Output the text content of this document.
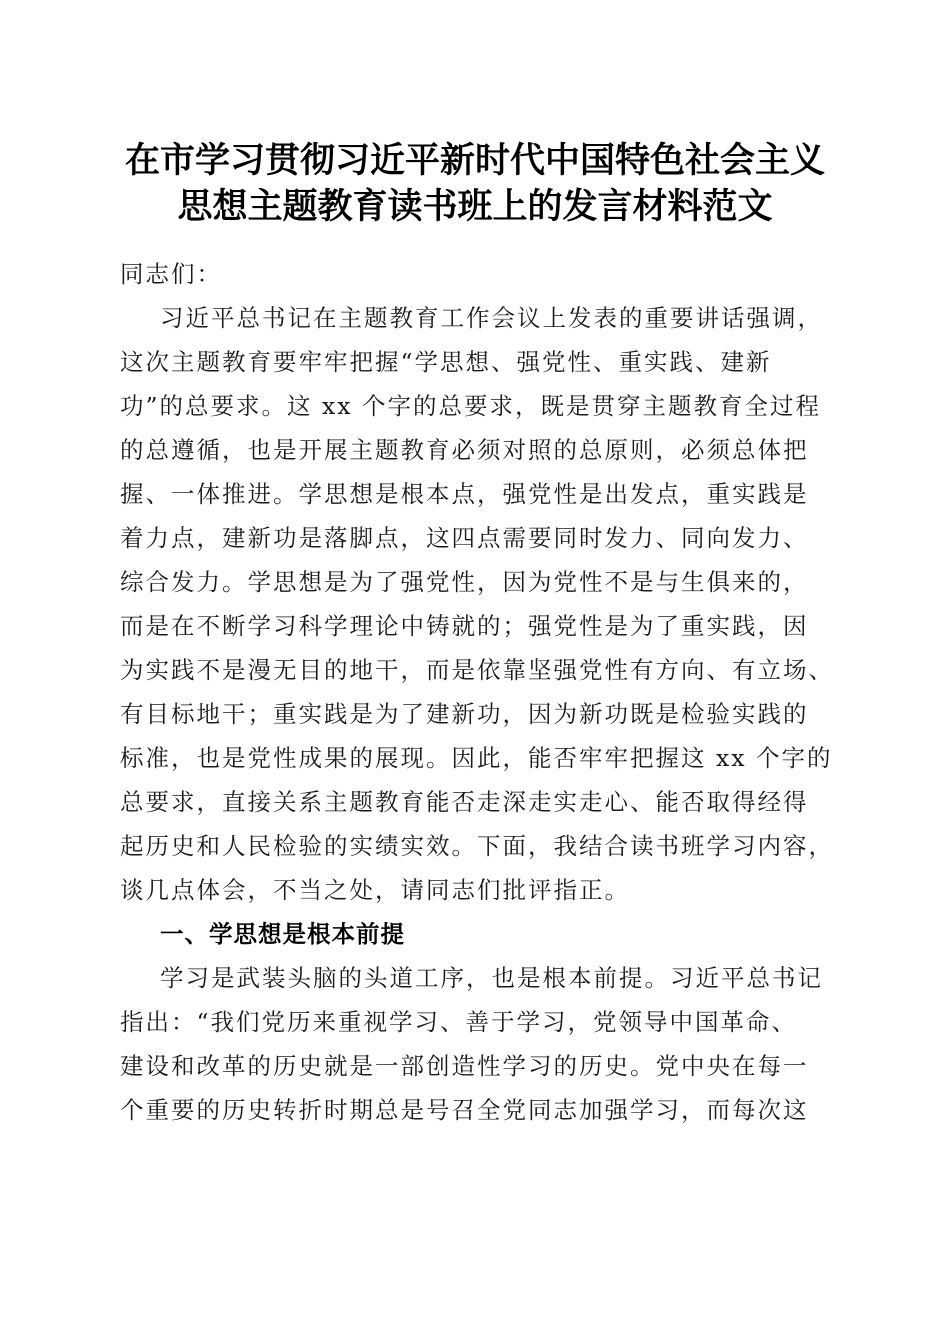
在市学习贯彻习近平新时代中国特色社会主义
思想主题教育读书班上的发言材料范文
同志们：
习近平总书记在主题教育工作会议上发表的重要讲话强调，
这次主题教育要牢牢把握“学思想、强党性、重实践、建新
功”的总要求。这 xx 个字的总要求，既是贯穿主题教育全过程
的总遵循，也是开展主题教育必须对照的总原则，必须总体把
握、一体推进。学思想是根本点，强党性是出发点，重实践是
着力点，建新功是落脚点，这四点需要同时发力、同向发力、
综合发力。学思想是为了强党性，因为党性不是与生俱来的，
而是在不断学习科学理论中铸就的；强党性是为了重实践，因
为实践不是漫无目的地干，而是依靠坚强党性有方向、有立场、
有目标地干；重实践是为了建新功，因为新功既是检验实践的
标准，也是党性成果的展现。因此，能否牢牢把握这 xx 个字的
总要求，直接关系主题教育能否走深走实走心、能否取得经得
起历史和人民检验的实绩实效。下面，我结合读书班学习内容，
谈几点体会，不当之处，请同志们批评指正。
一、学思想是根本前提
学习是武装头脑的头道工序，也是根本前提。习近平总书记
指出：“我们党历来重视学习、善于学习，党领导中国革命、
建设和改革的历史就是一部创造性学习的历史。党中央在每一
个重要的历史转折时期总是号召全党同志加强学习，而每次这
